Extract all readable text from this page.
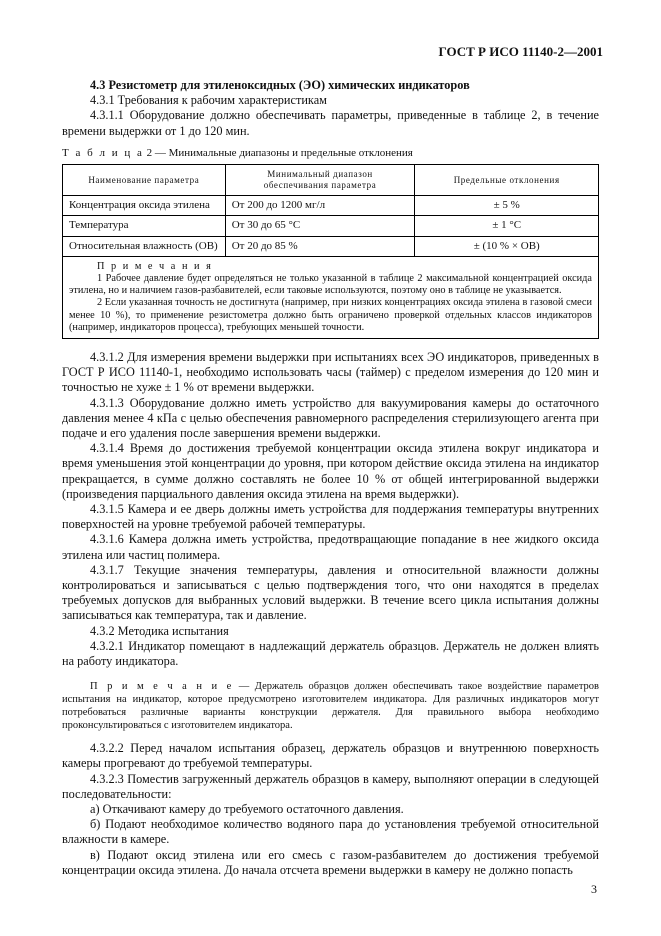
ГОСТ Р ИСО 11140-2—2001

4.3 Резистометр для этиленоксидных (ЭО) химических индикаторов

4.3.1 Требования к рабочим характеристикам

4.3.1.1 Оборудование должно обеспечивать параметры, приведенные в таблице 2, в течение времени выдержки от 1 до 120 мин.

Т а б л и ц а 2 — Минимальные диапазоны и предельные отклонения

Наименование параметра	Минимальный диапазон обеспечивания параметра	Предельные отклонения
Концентрация оксида этилена	От 200 до 1200 мг/л	± 5 %
Температура	От 30 до 65 °С	± 1 °С
Относительная влажность (ОВ)	От 20 до 85 %	± (10 % × ОВ)

П р и м е ч а н и я
1 Рабочее давление будет определяться не только указанной в таблице 2 максимальной концентрацией оксида этилена, но и наличием газов-разбавителей, если таковые используются, поэтому оно в таблице не указывается.
2 Если указанная точность не достигнута (например, при низких концентрациях оксида этилена в газовой смеси менее 10 %), то применение резистометра должно быть ограничено проверкой отдельных классов индикаторов (например, индикаторов процесса), требующих меньшей точности.		

4.3.1.2 Для измерения времени выдержки при испытаниях всех ЭО индикаторов, приведенных в ГОСТ Р ИСО 11140-1, необходимо использовать часы (таймер) с пределом измерения до 120 мин и точностью не хуже ± 1 % от времени выдержки.

4.3.1.3 Оборудование должно иметь устройство для вакуумирования камеры до остаточного давления менее 4 кПа с целью обеспечения равномерного распределения стерилизующего агента при подаче и его удаления после завершения времени выдержки.

4.3.1.4 Время до достижения требуемой концентрации оксида этилена вокруг индикатора и время уменьшения этой концентрации до уровня, при котором действие оксида этилена на индикатор прекращается, в сумме должно составлять не более 10 % от общей интегрированной выдержки (произведения парциального давления оксида этилена на время выдержки).

4.3.1.5 Камера и ее дверь должны иметь устройства для поддержания температуры внутренних поверхностей на уровне требуемой рабочей температуры.

4.3.1.6 Камера должна иметь устройства, предотвращающие попадание в нее жидкого оксида этилена или частиц полимера.

4.3.1.7 Текущие значения температуры, давления и относительной влажности должны контролироваться и записываться с целью подтверждения того, что они находятся в пределах требуемых допусков для выбранных условий выдержки. В течение всего цикла испытания должны записываться как температура, так и давление.

4.3.2 Методика испытания

4.3.2.1 Индикатор помещают в надлежащий держатель образцов. Держатель не должен влиять на работу индикатора.

П р и м е ч а н и е — Держатель образцов должен обеспечивать такое воздействие параметров испытания на индикатор, которое предусмотрено изготовителем индикатора. Для различных индикаторов могут потребоваться различные варианты конструкции держателя. Для правильного выбора необходимо проконсультироваться с изготовителем индикатора.

4.3.2.2 Перед началом испытания образец, держатель образцов и внутреннюю поверхность камеры прогревают до требуемой температуры.

4.3.2.3 Поместив загруженный держатель образцов в камеру, выполняют операции в следующей последовательности:

а) Откачивают камеру до требуемого остаточного давления.

б) Подают необходимое количество водяного пара до установления требуемой относительной влажности в камере.

в) Подают оксид этилена или его смесь с газом-разбавителем до достижения требуемой концентрации оксида этилена. До начала отсчета времени выдержки в камеру не должно попасть

3
